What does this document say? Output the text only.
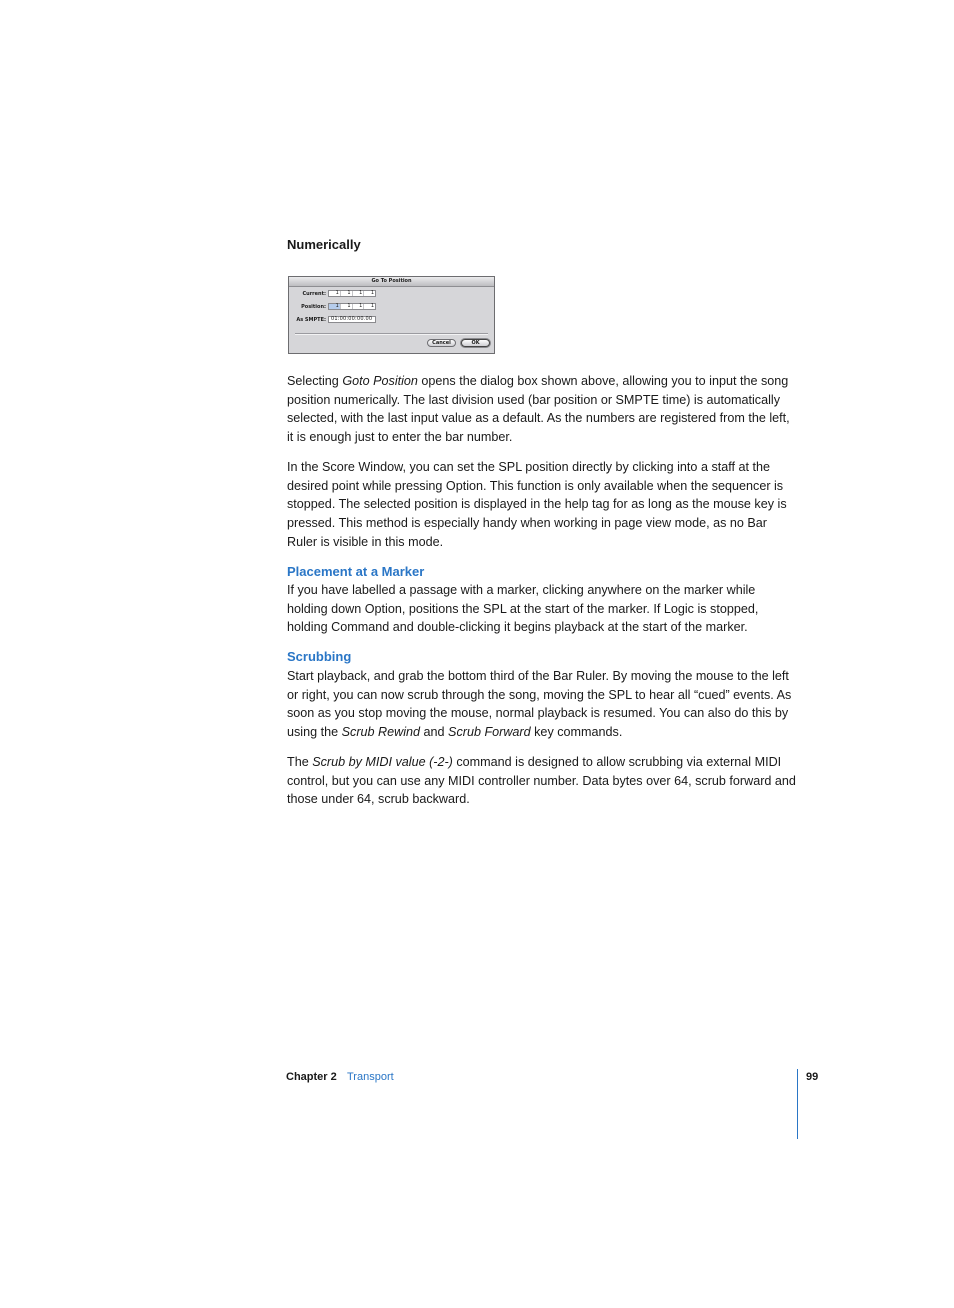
Numerically
Go To Position
Current:	1	1	1	1
Position:	1	1	1	1
As SMPTE:	01:00:00:00.00
Cancel	OK
Selecting Goto Position opens the dialog box shown above, allowing you to input the song position numerically. The last division used (bar position or SMPTE time) is automatically selected, with the last input value as a default. As the numbers are registered from the left, it is enough just to enter the bar number.
In the Score Window, you can set the SPL position directly by clicking into a staff at the desired point while pressing Option. This function is only available when the sequencer is stopped. The selected position is displayed in the help tag for as long as the mouse key is pressed. This method is especially handy when working in page view mode, as no Bar Ruler is visible in this mode.
Placement at a Marker
If you have labelled a passage with a marker, clicking anywhere on the marker while holding down Option, positions the SPL at the start of the marker. If Logic is stopped, holding Command and double-clicking it begins playback at the start of the marker.
Scrubbing
Start playback, and grab the bottom third of the Bar Ruler. By moving the mouse to the left or right, you can now scrub through the song, moving the SPL to hear all “cued” events. As soon as you stop moving the mouse, normal playback is resumed. You can also do this by using the Scrub Rewind and Scrub Forward key commands.
The Scrub by MIDI value (-2-) command is designed to allow scrubbing via external MIDI control, but you can use any MIDI controller number. Data bytes over 64, scrub forward and those under 64, scrub backward.
Chapter 2 Transport	99
